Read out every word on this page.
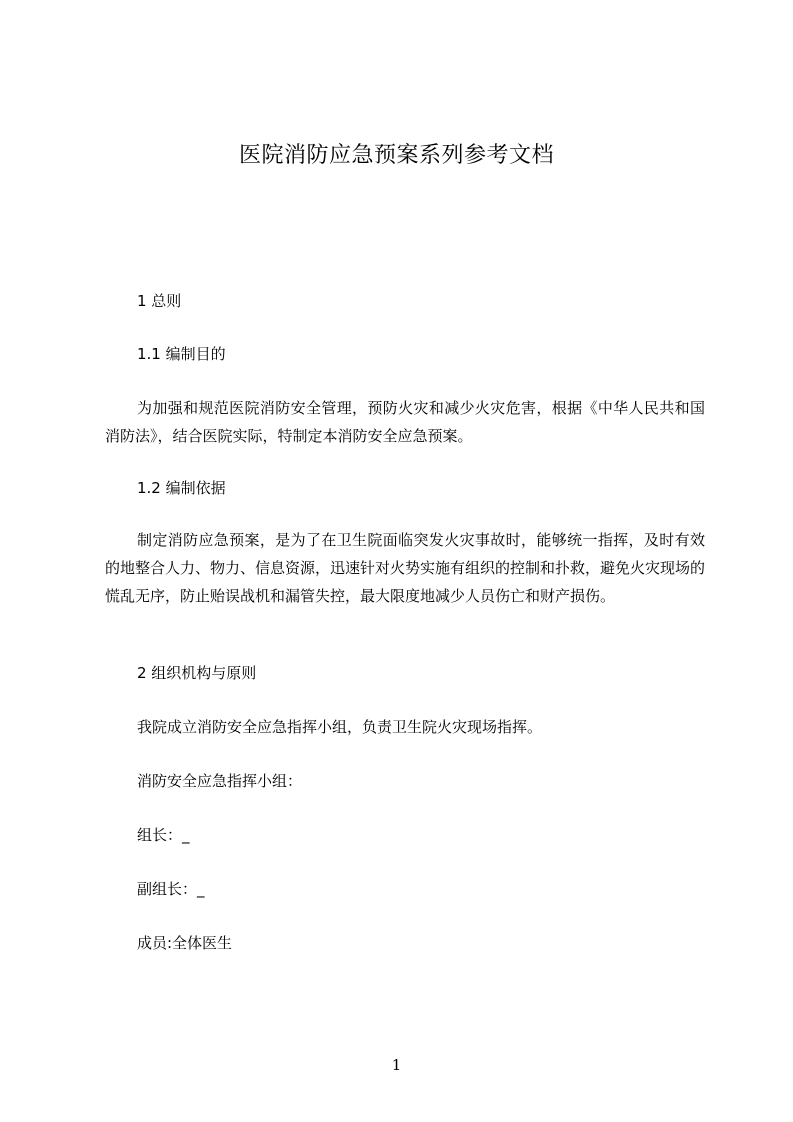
医院消防应急预案系列参考文档
1 总则
1.1 编制目的
为加强和规范医院消防安全管理，预防火灾和减少火灾危害，根据《中华人民共和国消防法》，结合医院实际，特制定本消防安全应急预案。
1.2 编制依据
制定消防应急预案，是为了在卫生院面临突发火灾事故时，能够统一指挥，及时有效的地整合人力、物力、信息资源，迅速针对火势实施有组织的控制和扑救，避免火灾现场的慌乱无序，防止贻误战机和漏管失控，最大限度地减少人员伤亡和财产损伤。
2 组织机构与原则
我院成立消防安全应急指挥小组，负责卫生院火灾现场指挥。
消防安全应急指挥小组：
组长：_
副组长：_
成员:全体医生
1
